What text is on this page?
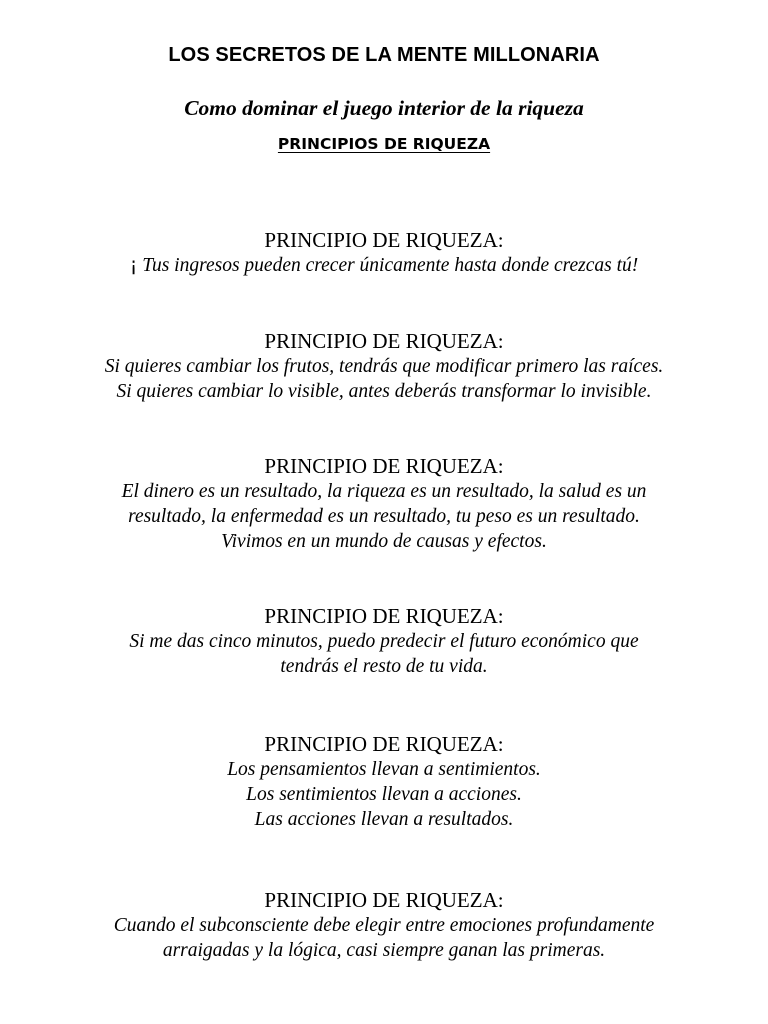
LOS SECRETOS DE LA MENTE MILLONARIA
Como dominar el juego interior de la riqueza
PRINCIPIOS DE RIQUEZA
PRINCIPIO DE RIQUEZA:
¡ Tus ingresos pueden crecer únicamente hasta donde crezcas tú!
PRINCIPIO DE RIQUEZA:
Si quieres cambiar los frutos, tendrás que modificar primero las raíces.
Si quieres cambiar lo visible, antes deberás transformar lo invisible.
PRINCIPIO DE RIQUEZA:
El dinero es un resultado, la riqueza es un resultado, la salud es un
resultado, la enfermedad es un resultado, tu peso es un resultado.
Vivimos en un mundo de causas y efectos.
PRINCIPIO DE RIQUEZA:
Si me das cinco minutos, puedo predecir el futuro económico que
tendrás el resto de tu vida.
PRINCIPIO DE RIQUEZA:
Los pensamientos llevan a sentimientos.
Los sentimientos llevan a acciones.
Las acciones llevan a resultados.
PRINCIPIO DE RIQUEZA:
Cuando el subconsciente debe elegir entre emociones profundamente
arraigadas y la lógica, casi siempre ganan las primeras.
